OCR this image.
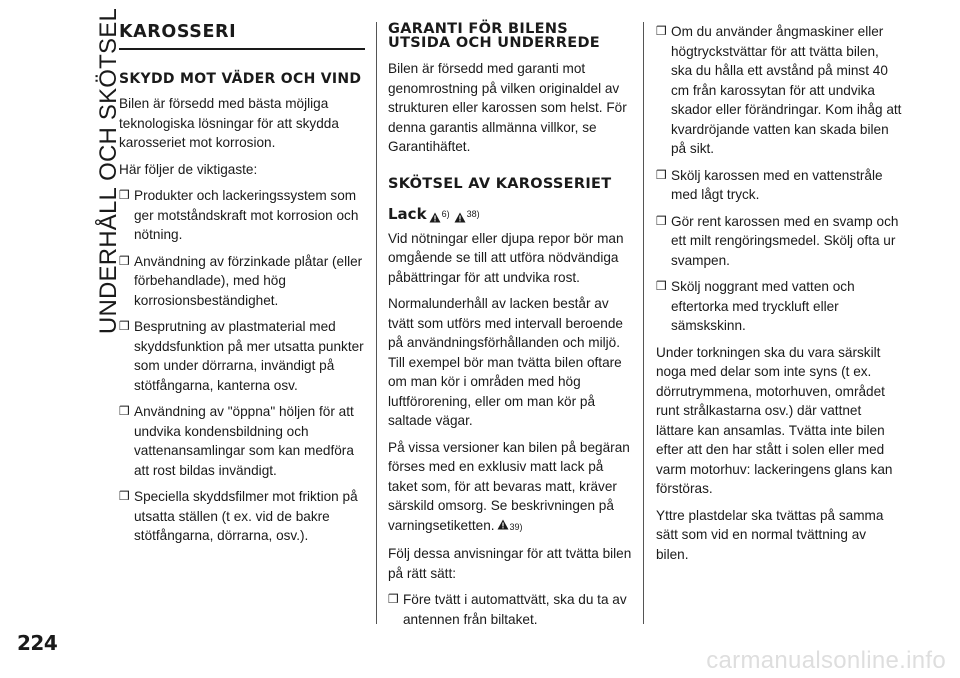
UNDERHÅLL OCH SKÖTSEL
KAROSSERI
SKYDD MOT VÄDER OCH VIND

Bilen är försedd med bästa möjliga teknologiska lösningar för att skydda karosseriet mot korrosion.

Här följer de viktigaste:

❒ Produkter och lackeringssystem som ger motståndskraft mot korrosion och nötning.
❒ Användning av förzinkade plåtar (eller förbehandlade), med hög korrosionsbeständighet.
❒ Besprutning av plastmaterial med skyddsfunktion på mer utsatta punkter som under dörrarna, invändigt på stötfångarna, kanterna osv.
❒ Användning av "öppna" höljen för att undvika kondensbildning och vattenansamlingar som kan medföra att rost bildas invändigt.
❒ Speciella skyddsfilmer mot friktion på utsatta ställen (t ex. vid de bakre stötfångarna, dörrarna, osv.).
GARANTI FÖR BILENS UTSIDA OCH UNDERREDE

Bilen är försedd med garanti mot genomrostning på vilken originaldel av strukturen eller karossen som helst. För denna garantis allmänna villkor, se Garantihäftet.

SKÖTSEL AV KAROSSERIET
Lack 6) 38)

Vid nötningar eller djupa repor bör man omgående se till att utföra nödvändiga påbättringar för att undvika rost.

Normalunderhåll av lacken består av tvätt som utförs med intervall beroende på användningsförhållanden och miljö. Till exempel bör man tvätta bilen oftare om man kör i områden med hög luftförorening, eller om man kör på saltade vägar.

På vissa versioner kan bilen på begäran förses med en exklusiv matt lack på taket som, för att bevaras matt, kräver särskild omsorg. Se beskrivningen på varningsetiketten. 39)

Följ dessa anvisningar för att tvätta bilen på rätt sätt:

❒ Före tvätt i automattvätt, ska du ta av antennen från biltaket.
❒ Om du använder ångmaskiner eller högtryckstvättar för att tvätta bilen, ska du hålla ett avstånd på minst 40 cm från karossytan för att undvika skador eller förändringar. Kom ihåg att kvardröjande vatten kan skada bilen på sikt.
❒ Skölj karossen med en vattenstråle med lågt tryck.
❒ Gör rent karossen med en svamp och ett milt rengöringsmedel. Skölj ofta ur svampen.
❒ Skölj noggrant med vatten och eftertorka med tryckluft eller sämskskinn.

Under torkningen ska du vara särskilt noga med delar som inte syns (t ex. dörrutrymmena, motorhuven, området runt strålkastarna osv.) där vattnet lättare kan ansamlas. Tvätta inte bilen efter att den har stått i solen eller med varm motorhuv: lackeringens glans kan förstöras.

Yttre plastdelar ska tvättas på samma sätt som vid en normal tvättning av bilen.

224
carmanualsonline.info
